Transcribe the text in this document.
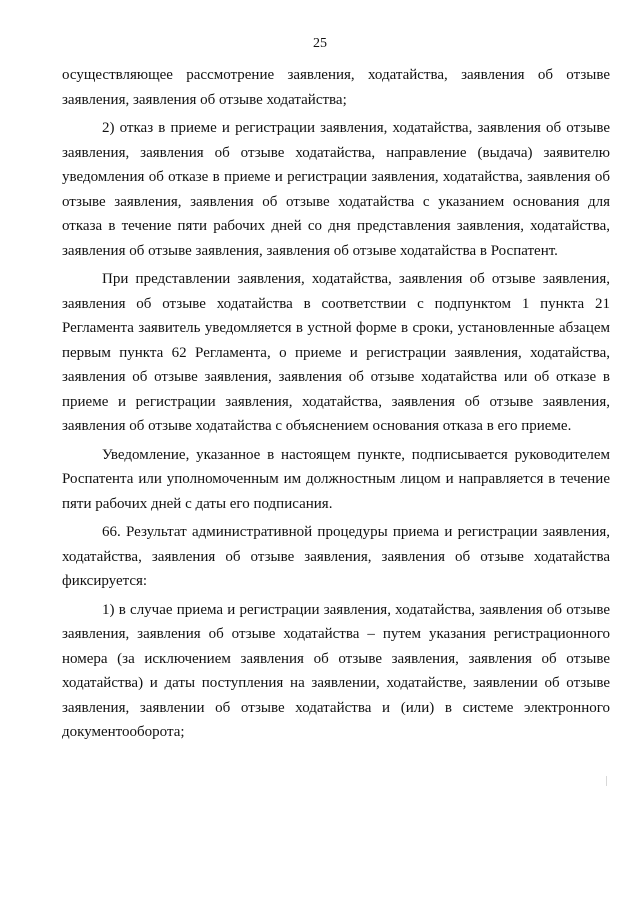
25

осуществляющее рассмотрение заявления, ходатайства, заявления об отзыве заявления, заявления об отзыве ходатайства;

2) отказ в приеме и регистрации заявления, ходатайства, заявления об отзыве заявления, заявления об отзыве ходатайства, направление (выдача) заявителю уведомления об отказе в приеме и регистрации заявления, ходатайства, заявления об отзыве заявления, заявления об отзыве ходатайства с указанием основания для отказа в течение пяти рабочих дней со дня представления заявления, ходатайства, заявления об отзыве заявления, заявления об отзыве ходатайства в Роспатент.

При представлении заявления, ходатайства, заявления об отзыве заявления, заявления об отзыве ходатайства в соответствии с подпунктом 1 пункта 21 Регламента заявитель уведомляется в устной форме в сроки, установленные абзацем первым пункта 62 Регламента, о приеме и регистрации заявления, ходатайства, заявления об отзыве заявления, заявления об отзыве ходатайства или об отказе в приеме и регистрации заявления, ходатайства, заявления об отзыве заявления, заявления об отзыве ходатайства с объяснением основания отказа в его приеме.

Уведомление, указанное в настоящем пункте, подписывается руководителем Роспатента или уполномоченным им должностным лицом и направляется в течение пяти рабочих дней с даты его подписания.

66. Результат административной процедуры приема и регистрации заявления, ходатайства, заявления об отзыве заявления, заявления об отзыве ходатайства фиксируется:

1) в случае приема и регистрации заявления, ходатайства, заявления об отзыве заявления, заявления об отзыве ходатайства – путем указания регистрационного номера (за исключением заявления об отзыве заявления, заявления об отзыве ходатайства) и даты поступления на заявлении, ходатайстве, заявлении об отзыве заявления, заявлении об отзыве ходатайства и (или) в системе электронного документооборота;
